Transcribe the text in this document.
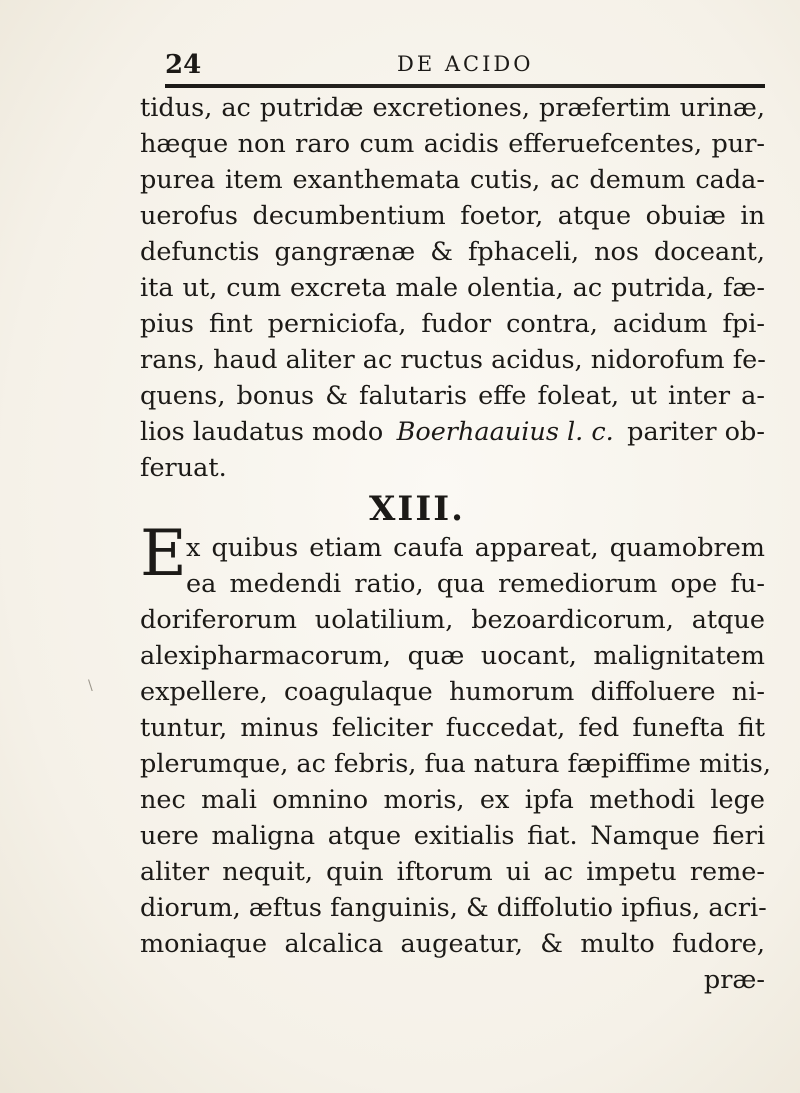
24	DE ACIDO
tidus, ac putridæ excretiones, præfertim urinæ,
hæque non raro cum acidis efferuefcentes, pur-
purea item exanthemata cutis, ac demum cada-
uerofus decumbentium foetor, atque obuiæ in
defunctis gangrænæ & fphaceli, nos doceant,
ita ut, cum excreta male olentia, ac putrida, fæ-
pius fint perniciofa, fudor contra, acidum fpi-
rans, haud aliter ac ructus acidus, nidorofum fe-
quens, bonus & falutaris effe foleat, ut inter a-
lios laudatus modo Boerhaauius l. c. pariter ob-
feruat.
XIII.
E x quibus etiam caufa appareat, quamobrem
ea medendi ratio, qua remediorum ope fu-
doriferorum uolatilium, bezoardicorum, atque
alexipharmacorum, quæ uocant, malignitatem
expellere, coagulaque humorum diffoluere ni-
tuntur, minus feliciter fuccedat, fed funefta fit
plerumque, ac febris, fua natura fæpiffime mitis,
nec mali omnino moris, ex ipfa methodi lege
uere maligna atque exitialis fiat. Namque fieri
aliter nequit, quin iftorum ui ac impetu reme-
diorum, æftus fanguinis, & diffolutio ipfius, acri-
moniaque alcalica augeatur, & multo fudore,
præ-
\
